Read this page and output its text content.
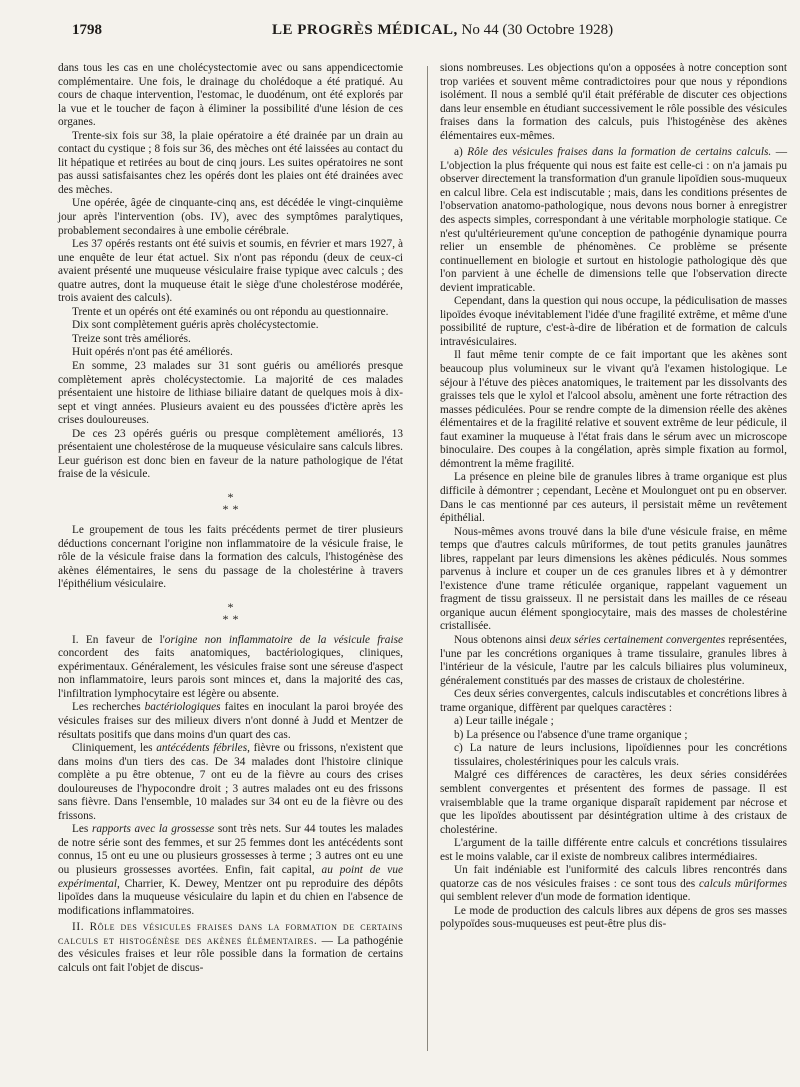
1798	LE PROGRÈS MÉDICAL, No 44 (30 Octobre 1928)

dans tous les cas en une cholécystectomie avec ou sans appendicectomie complémentaire. Une fois, le drainage du cholédoque a été pratiqué. Au cours de chaque intervention, l'estomac, le duodénum, ont été explorés par la vue et le toucher de façon à éliminer la possibilité d'une lésion de ces organes.

Trente-six fois sur 38, la plaie opératoire a été drainée par un drain au contact du cystique ; 8 fois sur 36, des mèches ont été laissées au contact du lit hépatique et retirées au bout de cinq jours. Les suites opératoires ne sont pas aussi satisfaisantes chez les opérés dont les plaies ont été drainées avec des mèches.

Une opérée, âgée de cinquante-cinq ans, est décédée le vingt-cinquième jour après l'intervention (obs. IV), avec des symptômes paralytiques, probablement secondaires à une embolie cérébrale.

Les 37 opérés restants ont été suivis et soumis, en février et mars 1927, à une enquête de leur état actuel. Six n'ont pas répondu (deux de ceux-ci avaient présenté une muqueuse vésiculaire fraise typique avec calculs ; des quatre autres, dont la muqueuse était le siège d'une cholestérose modérée, trois avaient des calculs).

Trente et un opérés ont été examinés ou ont répondu au questionnaire.

Dix sont complètement guéris après cholécystectomie.

Treize sont très améliorés.

Huit opérés n'ont pas été améliorés.

En somme, 23 malades sur 31 sont guéris ou améliorés presque complètement après cholécystectomie. La majorité de ces malades présentaient une histoire de lithiase biliaire datant de quelques mois à dix-sept et vingt années. Plusieurs avaient eu des poussées d'ictère après les crises douloureuses.

De ces 23 opérés guéris ou presque complètement améliorés, 13 présentaient une cholestérose de la muqueuse vésiculaire sans calculs libres. Leur guérison est donc bien en faveur de la nature pathologique de l'état fraise de la vésicule.

*
**

Le groupement de tous les faits précédents permet de tirer plusieurs déductions concernant l'origine non inflammatoire de la vésicule fraise, le rôle de la vésicule fraise dans la formation des calculs, l'histogénèse des akènes élémentaires, le sens du passage de la cholestérine à travers l'épithélium vésiculaire.

*
**

I. En faveur de l'origine non inflammatoire de la vésicule fraise concordent des faits anatomiques, bactériologiques, cliniques, expérimentaux. Généralement, les vésicules fraise sont une séreuse d'aspect non inflammatoire, leurs parois sont minces et, dans la majorité des cas, l'infiltration lymphocytaire est légère ou absente.

Les recherches bactériologiques faites en inoculant la paroi broyée des vésicules fraises sur des milieux divers n'ont donné à Judd et Mentzer de résultats positifs que dans moins d'un quart des cas.

Cliniquement, les antécédents fébriles, fièvre ou frissons, n'existent que dans moins d'un tiers des cas. De 34 malades dont l'histoire clinique complète a pu être obtenue, 7 ont eu de la fièvre au cours des crises douloureuses de l'hypocondre droit ; 3 autres malades ont eu des frissons sans fièvre. Dans l'ensemble, 10 malades sur 34 ont eu de la fièvre ou des frissons.

Les rapports avec la grossesse sont très nets. Sur 44 toutes les malades de notre série sont des femmes, et sur 25 femmes dont les antécédents sont connus, 15 ont eu une ou plusieurs grossesses à terme ; 3 autres ont eu une ou plusieurs grossesses avortées. Enfin, fait capital, au point de vue expérimental, Charrier, K. Dewey, Mentzer ont pu reproduire des dépôts lipoïdes dans la muqueuse vésiculaire du lapin et du chien en l'absence de modifications inflammatoires.

II. Rôle des vésicules fraises dans la formation de certains calculs et histogénèse des akènes élémentaires. — La pathogénie des vésicules fraises et leur rôle possible dans la formation de certains calculs ont fait l'objet de discus-

sions nombreuses. Les objections qu'on a opposées à notre conception sont trop variées et souvent même contradictoires pour que nous y répondions isolément. Il nous a semblé qu'il était préférable de discuter ces objections dans leur ensemble en étudiant successivement le rôle possible des vésicules fraises dans la formation des calculs, puis l'histogénèse des akènes élémentaires eux-mêmes.

a) Rôle des vésicules fraises dans la formation de certains calculs. — L'objection la plus fréquente qui nous est faite est celle-ci : on n'a jamais pu observer directement la transformation d'un granule lipoïdien sous-muqueux en calcul libre. Cela est indiscutable ; mais, dans les conditions présentes de l'observation anatomo-pathologique, nous devons nous borner à enregistrer des aspects simples, correspondant à une véritable morphologie statique. Ce n'est qu'ultérieurement qu'une conception de pathogénie dynamique pourra relier un ensemble de phénomènes. Ce problème se présente continuellement en biologie et surtout en histologie pathologique dès que l'on parvient à une échelle de dimensions telle que l'observation directe devient impraticable.

Cependant, dans la question qui nous occupe, la pédiculisation de masses lipoïdes évoque inévitablement l'idée d'une fragilité extrême, et même d'une possibilité de rupture, c'est-à-dire de libération et de formation de calculs intravésiculaires.

Il faut même tenir compte de ce fait important que les akènes sont beaucoup plus volumineux sur le vivant qu'à l'examen histologique. Le séjour à l'étuve des pièces anatomiques, le traitement par les dissolvants des graisses tels que le xylol et l'alcool absolu, amènent une forte rétraction des masses pédiculées. Pour se rendre compte de la dimension réelle des akènes élémentaires et de la fragilité relative et souvent extrême de leur pédicule, il faut examiner la muqueuse à l'état frais dans le sérum avec un microscope binoculaire. Des coupes à la congélation, après simple fixation au formol, démontrent la même fragilité.

La présence en pleine bile de granules libres à trame organique est plus difficile à démontrer ; cependant, Lecène et Moulonguet ont pu en observer. Dans le cas mentionné par ces auteurs, il persistait même un revêtement épithélial.

Nous-mêmes avons trouvé dans la bile d'une vésicule fraise, en même temps que d'autres calculs mûriformes, de tout petits granules jaunâtres libres, rappelant par leurs dimensions les akènes pédiculés. Nous sommes parvenus à inclure et couper un de ces granules libres et à y démontrer l'existence d'une trame réticulée organique, rappelant vaguement un fragment de tissu graisseux. Il ne persistait dans les mailles de ce réseau organique aucun élément spongiocytaire, mais des masses de cholestérine cristallisée.

Nous obtenons ainsi deux séries certainement convergentes représentées, l'une par les concrétions organiques à trame tissulaire, granules libres à l'intérieur de la vésicule, l'autre par les calculs biliaires plus volumineux, généralement constitués par des masses de cristaux de cholestérine.

Ces deux séries convergentes, calculs indiscutables et concrétions libres à trame organique, diffèrent par quelques caractères :

a) Leur taille inégale ;

b) La présence ou l'absence d'une trame organique ;

c) La nature de leurs inclusions, lipoïdiennes pour les concrétions tissulaires, cholestériniques pour les calculs vrais.

Malgré ces différences de caractères, les deux séries considérées semblent convergentes et présentent des formes de passage. Il est vraisemblable que la trame organique disparaît rapidement par nécrose et que les lipoïdes aboutissent par désintégration ultime à des cristaux de cholestérine.

L'argument de la taille différente entre calculs et concrétions tissulaires est le moins valable, car il existe de nombreux calibres intermédiaires.

Un fait indéniable est l'uniformité des calculs libres rencontrés dans quatorze cas de nos vésicules fraises : ce sont tous des calculs mûriformes qui semblent relever d'un mode de formation identique.

Le mode de production des calculs libres aux dépens de gros ses masses polypoïdes sous-muqueuses est peut-être plus dis-
